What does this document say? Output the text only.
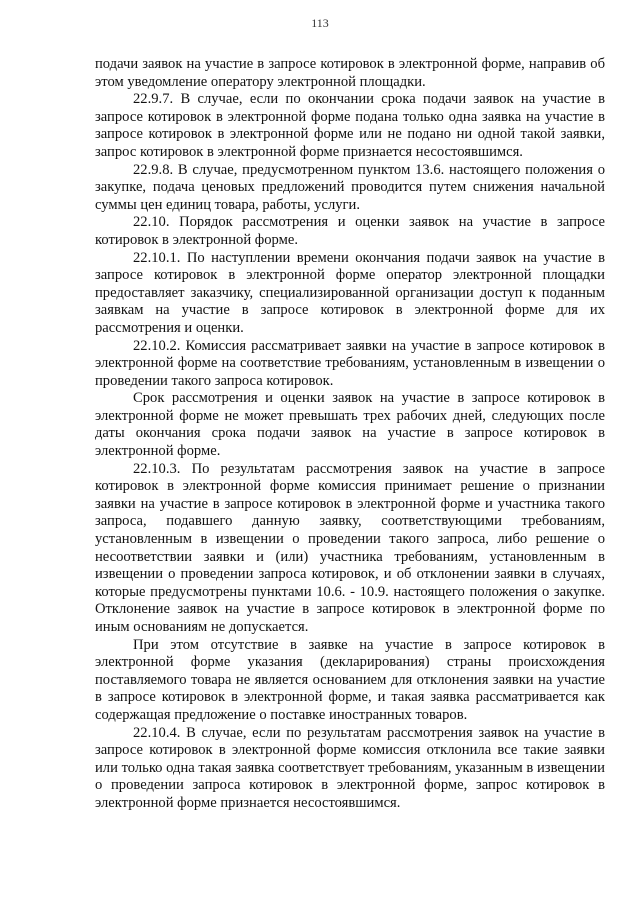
113

подачи заявок на участие в запросе котировок в электронной форме, направив об этом уведомление оператору электронной площадки.

22.9.7. В случае, если по окончании срока подачи заявок на участие в запросе котировок в электронной форме подана только одна заявка на участие в запросе котировок в электронной форме или не подано ни одной такой заявки, запрос котировок в электронной форме признается несостоявшимся.

22.9.8. В случае, предусмотренном пунктом 13.6. настоящего положения о закупке, подача ценовых предложений проводится путем снижения начальной суммы цен единиц товара, работы, услуги.

22.10. Порядок рассмотрения и оценки заявок на участие в запросе котировок в электронной форме.

22.10.1. По наступлении времени окончания подачи заявок на участие в запросе котировок в электронной форме оператор электронной площадки предоставляет заказчику, специализированной организации доступ к поданным заявкам на участие в запросе котировок в электронной форме для их рассмотрения и оценки.

22.10.2. Комиссия рассматривает заявки на участие в запросе котировок в электронной форме на соответствие требованиям, установленным в извещении о проведении такого запроса котировок.

Срок рассмотрения и оценки заявок на участие в запросе котировок в электронной форме не может превышать трех рабочих дней, следующих после даты окончания срока подачи заявок на участие в запросе котировок в электронной форме.

22.10.3. По результатам рассмотрения заявок на участие в запросе котировок в электронной форме комиссия принимает решение о признании заявки на участие в запросе котировок в электронной форме и участника такого запроса, подавшего данную заявку, соответствующими требованиям, установленным в извещении о проведении такого запроса, либо решение о несоответствии заявки и (или) участника требованиям, установленным в извещении о проведении запроса котировок, и об отклонении заявки в случаях, которые предусмотрены пунктами 10.6. - 10.9. настоящего положения о закупке. Отклонение заявок на участие в запросе котировок в электронной форме по иным основаниям не допускается.

При этом отсутствие в заявке на участие в запросе котировок в электронной форме указания (декларирования) страны происхождения поставляемого товара не является основанием для отклонения заявки на участие в запросе котировок в электронной форме, и такая заявка рассматривается как содержащая предложение о поставке иностранных товаров.

22.10.4. В случае, если по результатам рассмотрения заявок на участие в запросе котировок в электронной форме комиссия отклонила все такие заявки или только одна такая заявка соответствует требованиям, указанным в извещении о проведении запроса котировок в электронной форме, запрос котировок в электронной форме признается несостоявшимся.
